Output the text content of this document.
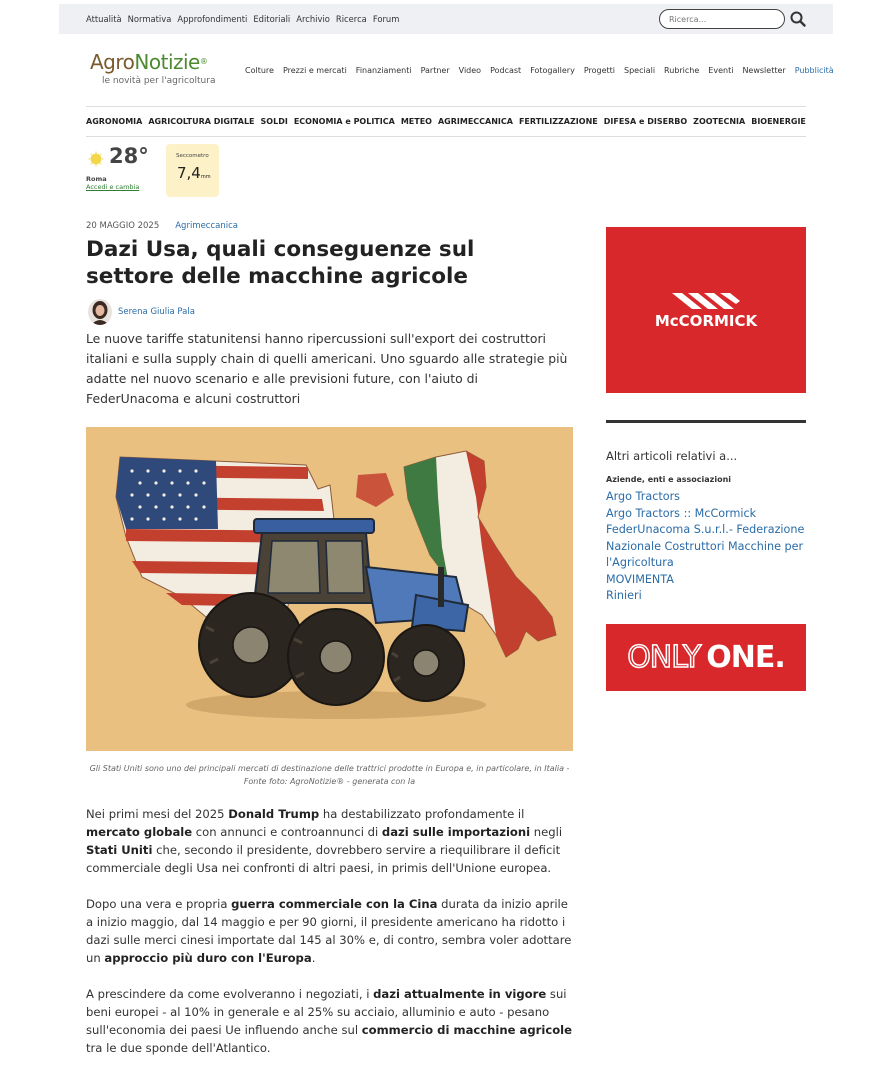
Attualità Normativa Approfondimenti Editoriali Archivio Ricerca Forum
Ricerca...
AgroNotizie®
le novità per l'agricoltura
Colture Prezzi e mercati Finanziamenti Partner Video Podcast Fotogallery Progetti Speciali Rubriche Eventi Newsletter Pubblicità
AGRONOMIA AGRICOLTURA DIGITALE SOLDI ECONOMIA e POLITICA METEO AGRIMECCANICA FERTILIZZAZIONE DIFESA e DISERBO ZOOTECNIA BIOENERGIE
28°
Roma
Accedi e cambia
Seccometro
7,4mm
20 MAGGIO 2025 Agrimeccanica
Dazi Usa, quali conseguenze sul settore delle macchine agricole
Serena Giulia Pala

Le nuove tariffe statunitensi hanno ripercussioni sull'export dei costruttori italiani e sulla supply chain di quelli americani. Uno sguardo alle strategie più adatte nel nuovo scenario e alle previsioni future, con l'aiuto di FederUnacoma e alcuni costruttori

Gli Stati Uniti sono uno dei principali mercati di destinazione delle trattrici prodotte in Europa e, in particolare, in Italia - Fonte foto: AgroNotizie® - generata con Ia

Nei primi mesi del 2025 Donald Trump ha destabilizzato profondamente il mercato globale con annunci e controannunci di dazi sulle importazioni negli Stati Uniti che, secondo il presidente, dovrebbero servire a riequilibrare il deficit commerciale degli Usa nei confronti di altri paesi, in primis dell'Unione europea.

Dopo una vera e propria guerra commerciale con la Cina durata da inizio aprile a inizio maggio, dal 14 maggio e per 90 giorni, il presidente americano ha ridotto i dazi sulle merci cinesi importate dal 145 al 30% e, di contro, sembra voler adottare un approccio più duro con l'Europa.

A prescindere da come evolveranno i negoziati, i dazi attualmente in vigore sui beni europei - al 10% in generale e al 25% su acciaio, alluminio e auto - pesano sull'economia dei paesi Ue influendo anche sul commercio di macchine agricole tra le due sponde dell'Atlantico.

McCORMICK
Altri articoli relativi a...
Aziende, enti e associazioni
Argo Tractors
Argo Tractors :: McCormick
FederUnacoma S.u.r.l.- Federazione Nazionale Costruttori Macchine per l'Agricoltura
MOVIMENTA
Rinieri
ONLY ONE.
